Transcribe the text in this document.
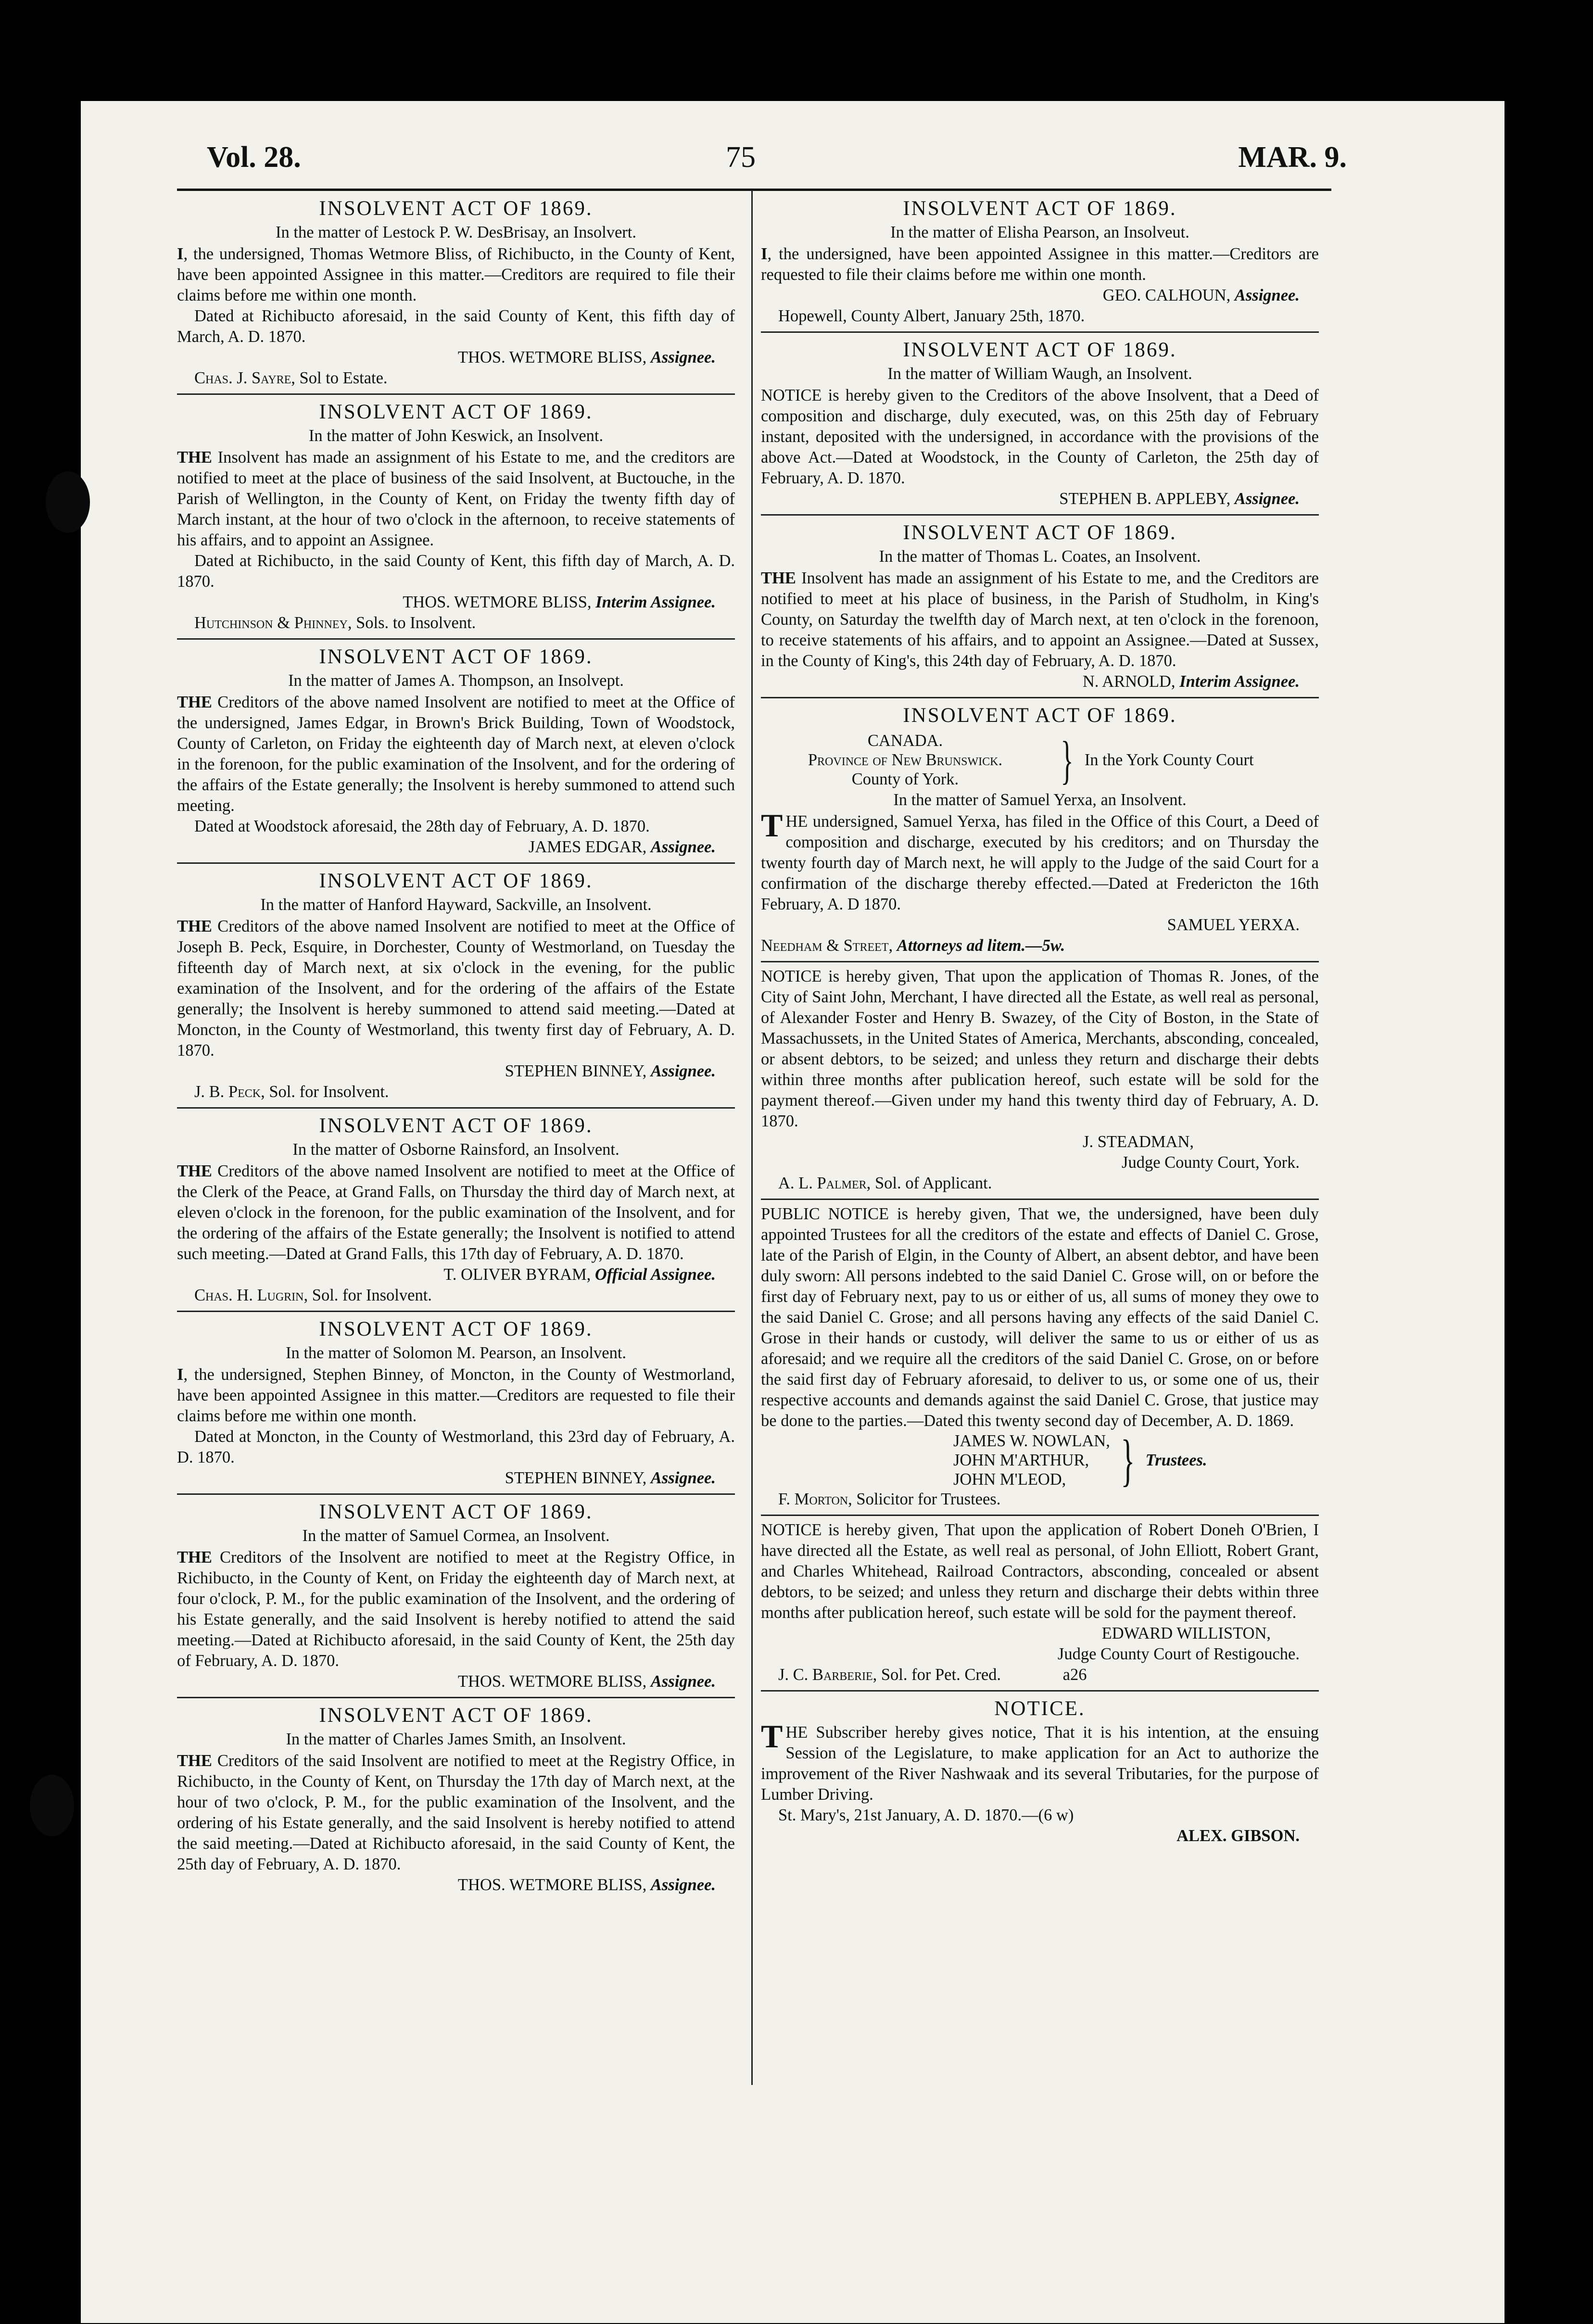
Vol. 28.	75	MAR. 9.
INSOLVENT ACT OF 1869.
In the matter of Lestock P. W. DesBrisay, an Insolvert.
I, the undersigned, Thomas Wetmore Bliss, of Richibucto, in the County of Kent, have been appointed Assignee in this matter.—Creditors are required to file their claims before me within one month.
Dated at Richibucto aforesaid, in the said County of Kent, this fifth day of March, A. D. 1870.
THOS. WETMORE BLISS, Assignee.
Chas. J. Sayre, Sol to Estate.
INSOLVENT ACT OF 1869.
In the matter of John Keswick, an Insolvent.
THE Insolvent has made an assignment of his Estate to me, and the creditors are notified to meet at the place of business of the said Insolvent, at Buctouche, in the Parish of Wellington, in the County of Kent, on Friday the twenty fifth day of March instant, at the hour of two o'clock in the afternoon, to receive statements of his affairs, and to appoint an Assignee.
Dated at Richibucto, in the said County of Kent, this fifth day of March, A. D. 1870.
THOS. WETMORE BLISS, Interim Assignee.
Hutchinson & Phinney, Sols. to Insolvent.
INSOLVENT ACT OF 1869.
In the matter of James A. Thompson, an Insolvept.
THE Creditors of the above named Insolvent are notified to meet at the Office of the undersigned, James Edgar, in Brown's Brick Building, Town of Woodstock, County of Carleton, on Friday the eighteenth day of March next, at eleven o'clock in the forenoon, for the public examination of the Insolvent, and for the ordering of the affairs of the Estate generally; the Insolvent is hereby summoned to attend such meeting.
Dated at Woodstock aforesaid, the 28th day of February, A. D. 1870.
JAMES EDGAR, Assignee.
INSOLVENT ACT OF 1869.
In the matter of Hanford Hayward, Sackville, an Insolvent.
THE Creditors of the above named Insolvent are notified to meet at the Office of Joseph B. Peck, Esquire, in Dorchester, County of Westmorland, on Tuesday the fifteenth day of March next, at six o'clock in the evening, for the public examination of the Insolvent, and for the ordering of the affairs of the Estate generally; the Insolvent is hereby summoned to attend said meeting.—Dated at Moncton, in the County of Westmorland, this twenty first day of February, A. D. 1870.
STEPHEN BINNEY, Assignee.
J. B. Peck, Sol. for Insolvent.
INSOLVENT ACT OF 1869.
In the matter of Osborne Rainsford, an Insolvent.
THE Creditors of the above named Insolvent are notified to meet at the Office of the Clerk of the Peace, at Grand Falls, on Thursday the third day of March next, at eleven o'clock in the forenoon, for the public examination of the Insolvent, and for the ordering of the affairs of the Estate generally; the Insolvent is notified to attend such meeting.—Dated at Grand Falls, this 17th day of February, A. D. 1870.
T. OLIVER BYRAM, Official Assignee.
Chas. H. Lugrin, Sol. for Insolvent.
INSOLVENT ACT OF 1869.
In the matter of Solomon M. Pearson, an Insolvent.
I, the undersigned, Stephen Binney, of Moncton, in the County of Westmorland, have been appointed Assignee in this matter.—Creditors are requested to file their claims before me within one month.
Dated at Moncton, in the County of Westmorland, this 23rd day of February, A. D. 1870.
STEPHEN BINNEY, Assignee.
INSOLVENT ACT OF 1869.
In the matter of Samuel Cormea, an Insolvent.
THE Creditors of the Insolvent are notified to meet at the Registry Office, in Richibucto, in the County of Kent, on Friday the eighteenth day of March next, at four o'clock, P. M., for the public examination of the Insolvent, and the ordering of his Estate generally, and the said Insolvent is hereby notified to attend the said meeting.—Dated at Richibucto aforesaid, in the said County of Kent, the 25th day of February, A. D. 1870.
THOS. WETMORE BLISS, Assignee.
INSOLVENT ACT OF 1869.
In the matter of Charles James Smith, an Insolvent.
THE Creditors of the said Insolvent are notified to meet at the Registry Office, in Richibucto, in the County of Kent, on Thursday the 17th day of March next, at the hour of two o'clock, P. M., for the public examination of the Insolvent, and the ordering of his Estate generally, and the said Insolvent is hereby notified to attend the said meeting.—Dated at Richibucto aforesaid, in the said County of Kent, the 25th day of February, A. D. 1870.
THOS. WETMORE BLISS, Assignee.
INSOLVENT ACT OF 1869.
In the matter of Elisha Pearson, an Insolveut.
I, the undersigned, have been appointed Assignee in this matter.—Creditors are requested to file their claims before me within one month.
GEO. CALHOUN, Assignee.
Hopewell, County Albert, January 25th, 1870.
INSOLVENT ACT OF 1869.
In the matter of William Waugh, an Insolvent.
NOTICE is hereby given to the Creditors of the above Insolvent, that a Deed of composition and discharge, duly executed, was, on this 25th day of February instant, deposited with the undersigned, in accordance with the provisions of the above Act.—Dated at Woodstock, in the County of Carleton, the 25th day of February, A. D. 1870.
STEPHEN B. APPLEBY, Assignee.
INSOLVENT ACT OF 1869.
In the matter of Thomas L. Coates, an Insolvent.
THE Insolvent has made an assignment of his Estate to me, and the Creditors are notified to meet at his place of business, in the Parish of Studholm, in King's County, on Saturday the twelfth day of March next, at ten o'clock in the forenoon, to receive statements of his affairs, and to appoint an Assignee.—Dated at Sussex, in the County of King's, this 24th day of February, A. D. 1870.
N. ARNOLD, Interim Assignee.
INSOLVENT ACT OF 1869.
CANADA.
Province of New Brunswick.
County of York.	} In the York County Court
In the matter of Samuel Yerxa, an Insolvent.
THE undersigned, Samuel Yerxa, has filed in the Office of this Court, a Deed of composition and discharge, executed by his creditors; and on Thursday the twenty fourth day of March next, he will apply to the Judge of the said Court for a confirmation of the discharge thereby effected.—Dated at Fredericton the 16th February, A. D 1870.
SAMUEL YERXA.
Needham & Street, Attorneys ad litem.—5w.
NOTICE is hereby given, That upon the application of Thomas R. Jones, of the City of Saint John, Merchant, I have directed all the Estate, as well real as personal, of Alexander Foster and Henry B. Swazey, of the City of Boston, in the State of Massachussets, in the United States of America, Merchants, absconding, concealed, or absent debtors, to be seized; and unless they return and discharge their debts within three months after publication hereof, such estate will be sold for the payment thereof.—Given under my hand this twenty third day of February, A. D. 1870.
J. STEADMAN,
Judge County Court, York.
A. L. Palmer, Sol. of Applicant.
PUBLIC NOTICE is hereby given, That we, the undersigned, have been duly appointed Trustees for all the creditors of the estate and effects of Daniel C. Grose, late of the Parish of Elgin, in the County of Albert, an absent debtor, and have been duly sworn: All persons indebted to the said Daniel C. Grose will, on or before the first day of February next, pay to us or either of us, all sums of money they owe to the said Daniel C. Grose; and all persons having any effects of the said Daniel C. Grose in their hands or custody, will deliver the same to us or either of us as aforesaid; and we require all the creditors of the said Daniel C. Grose, on or before the said first day of February aforesaid, to deliver to us, or some one of us, their respective accounts and demands against the said Daniel C. Grose, that justice may be done to the parties.—Dated this twenty second day of December, A. D. 1869.
JAMES W. NOWLAN,
JOHN M'ARTHUR,
JOHN M'LEOD, } Trustees.
F. Morton, Solicitor for Trustees.
NOTICE is hereby given, That upon the application of Robert Doneh O'Brien, I have directed all the Estate, as well real as personal, of John Elliott, Robert Grant, and Charles Whitehead, Railroad Contractors, absconding, concealed or absent debtors, to be seized; and unless they return and discharge their debts within three months after publication hereof, such estate will be sold for the payment thereof.
EDWARD WILLISTON,
Judge County Court of Restigouche.
J. C. Barberie, Sol. for Pet. Cred.	a26
NOTICE.
THE Subscriber hereby gives notice, That it is his intention, at the ensuing Session of the Legislature, to make application for an Act to authorize the improvement of the River Nashwaak and its several Tributaries, for the purpose of Lumber Driving.
St. Mary's, 21st January, A. D. 1870.—(6 w)
ALEX. GIBSON.
